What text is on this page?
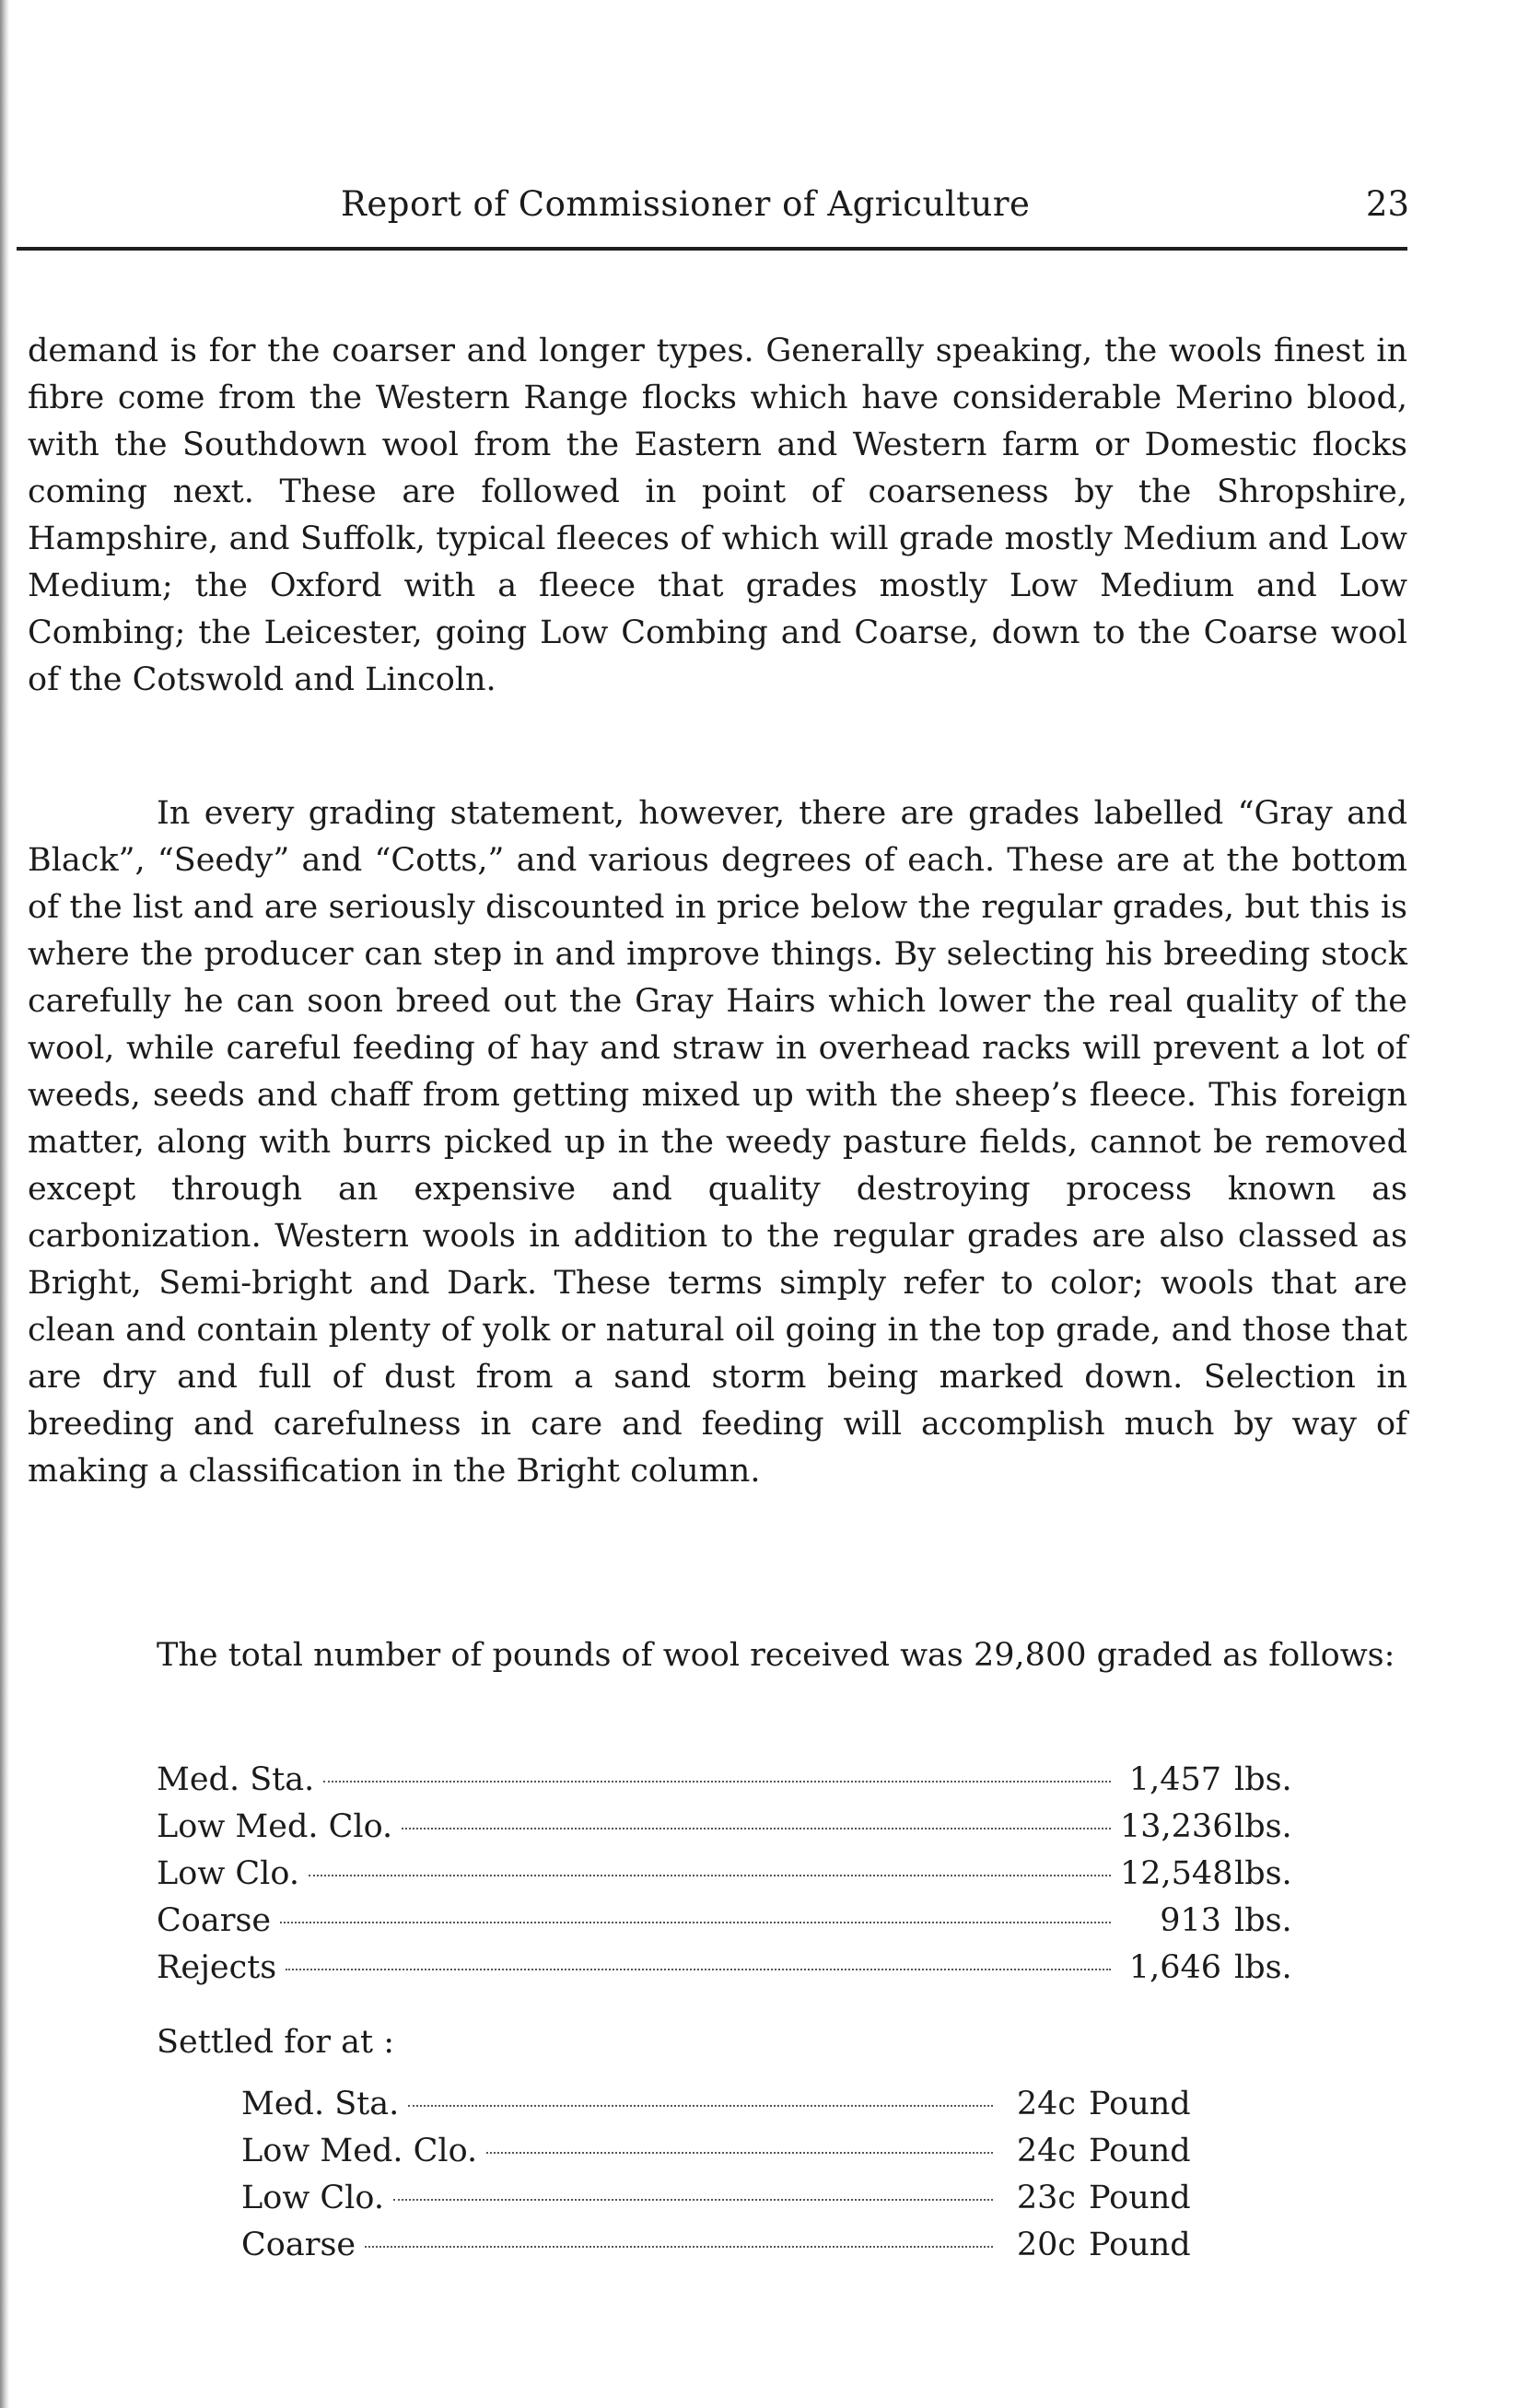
Report of Commissioner of Agriculture	23

demand is for the coarser and longer types. Generally speaking, the wools finest in fibre come from the Western Range flocks which have considerable Merino blood, with the Southdown wool from the Eastern and Western farm or Domestic flocks coming next. These are followed in point of coarseness by the Shropshire, Hampshire, and Suffolk, typical fleeces of which will grade mostly Medium and Low Medium; the Oxford with a fleece that grades mostly Low Medium and Low Combing; the Leicester, going Low Combing and Coarse, down to the Coarse wool of the Cotswold and Lincoln.

In every grading statement, however, there are grades labelled “Gray and Black”, “Seedy” and “Cotts,” and various degrees of each. These are at the bottom of the list and are seriously discounted in price below the regular grades, but this is where the producer can step in and improve things. By selecting his breeding stock carefully he can soon breed out the Gray Hairs which lower the real quality of the wool, while careful feeding of hay and straw in overhead racks will prevent a lot of weeds, seeds and chaff from getting mixed up with the sheep’s fleece. This foreign matter, along with burrs picked up in the weedy pasture fields, cannot be removed except through an expensive and quality destroying process known as carbonization. Western wools in addition to the regular grades are also classed as Bright, Semi-bright and Dark. These terms simply refer to color; wools that are clean and contain plenty of yolk or natural oil going in the top grade, and those that are dry and full of dust from a sand storm being marked down. Selection in breeding and carefulness in care and feeding will accomplish much by way of making a classification in the Bright column.

The total number of pounds of wool received was 29,800 graded as follows:

Med. Sta.	1,457 lbs.
Low Med. Clo.	13,236 lbs.
Low Clo.	12,548 lbs.
Coarse	913 lbs.
Rejects	1,646 lbs.
Settled for at :
Med. Sta.	24c Pound
Low Med. Clo.	24c Pound
Low Clo.	23c Pound
Coarse	20c Pound
